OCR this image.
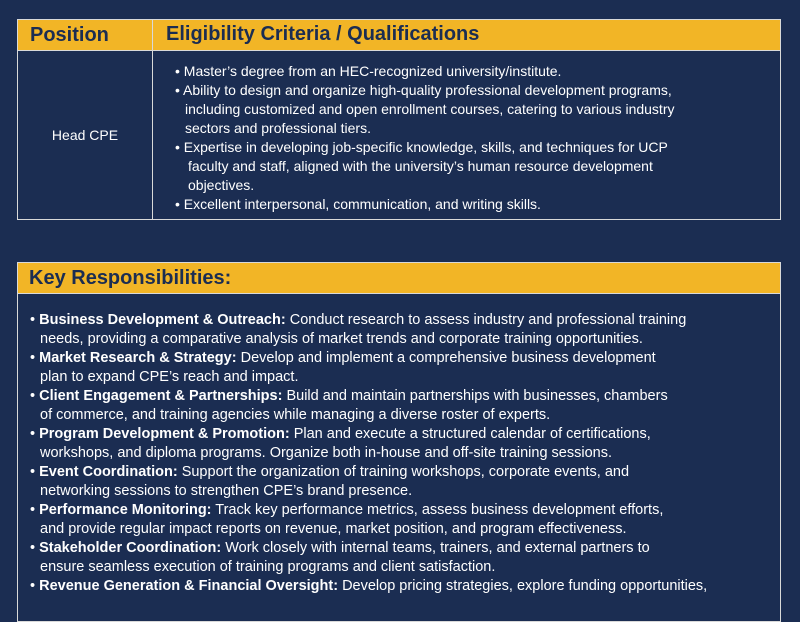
Position	Eligibility Criteria / Qualifications
Head CPE
• Master’s degree from an HEC-recognized university/institute.
• Ability to design and organize high-quality professional development programs,
including customized and open enrollment courses, catering to various industry
sectors and professional tiers.
• Expertise in developing job-specific knowledge, skills, and techniques for UCP
faculty and staff, aligned with the university’s human resource development
objectives.
• Excellent interpersonal, communication, and writing skills.
Key Responsibilities:
• Business Development & Outreach: Conduct research to assess industry and professional training
needs, providing a comparative analysis of market trends and corporate training opportunities.
• Market Research & Strategy: Develop and implement a comprehensive business development
plan to expand CPE’s reach and impact.
• Client Engagement & Partnerships: Build and maintain partnerships with businesses, chambers
of commerce, and training agencies while managing a diverse roster of experts.
• Program Development & Promotion: Plan and execute a structured calendar of certifications,
workshops, and diploma programs. Organize both in-house and off-site training sessions.
• Event Coordination: Support the organization of training workshops, corporate events, and
networking sessions to strengthen CPE’s brand presence.
• Performance Monitoring: Track key performance metrics, assess business development efforts,
and provide regular impact reports on revenue, market position, and program effectiveness.
• Stakeholder Coordination: Work closely with internal teams, trainers, and external partners to
ensure seamless execution of training programs and client satisfaction.
• Revenue Generation & Financial Oversight: Develop pricing strategies, explore funding opportunities,
